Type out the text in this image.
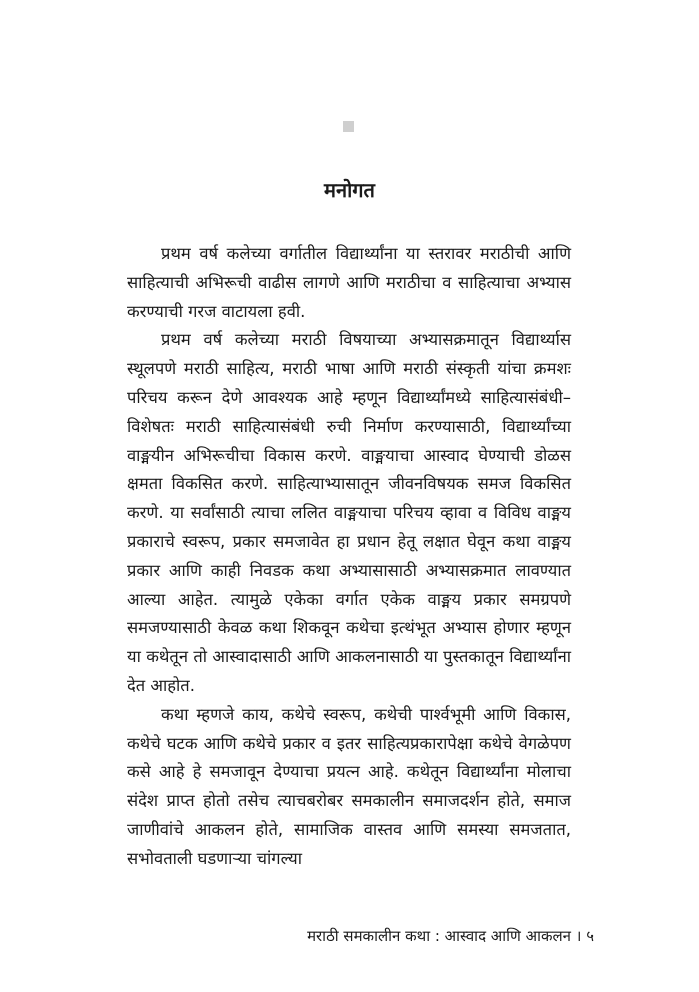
मनोगत

प्रथम वर्ष कलेच्या वर्गातील विद्यार्थ्यांना या स्तरावर मराठीची आणि साहित्याची अभिरूची वाढीस लागणे आणि मराठीचा व साहित्याचा अभ्यास करण्याची गरज वाटायला हवी.

प्रथम वर्ष कलेच्या मराठी विषयाच्या अभ्यासक्रमातून विद्यार्थ्यास स्थूलपणे मराठी साहित्य, मराठी भाषा आणि मराठी संस्कृती यांचा क्रमशः परिचय करून देणे आवश्यक आहे म्हणून विद्यार्थ्यांमध्ये साहित्यासंबंधी–विशेषतः मराठी साहित्यासंबंधी रुची निर्माण करण्यासाठी, विद्यार्थ्यांच्या वाङ्मयीन अभिरूचीचा विकास करणे. वाङ्मयाचा आस्वाद घेण्याची डोळस क्षमता विकसित करणे. साहित्याभ्यासातून जीवनविषयक समज विकसित करणे. या सर्वांसाठी त्याचा ललित वाङ्मयाचा परिचय व्हावा व विविध वाङ्मय प्रकाराचे स्वरूप, प्रकार समजावेत हा प्रधान हेतू लक्षात घेवून कथा वाङ्मय प्रकार आणि काही निवडक कथा अभ्यासासाठी अभ्यासक्रमात लावण्यात आल्या आहेत. त्यामुळे एकेका वर्गात एकेक वाङ्मय प्रकार समग्रपणे समजण्यासाठी केवळ कथा शिकवून कथेचा इत्थंभूत अभ्यास होणार म्हणून या कथेतून तो आस्वादासाठी आणि आकलनासाठी या पुस्तकातून विद्यार्थ्यांना देत आहोत.

कथा म्हणजे काय, कथेचे स्वरूप, कथेची पार्श्वभूमी आणि विकास, कथेचे घटक आणि कथेचे प्रकार व इतर साहित्यप्रकारापेक्षा कथेचे वेगळेपण कसे आहे हे समजावून देण्याचा प्रयत्न आहे. कथेतून विद्यार्थ्यांना मोलाचा संदेश प्राप्त होतो तसेच त्याचबरोबर समकालीन समाजदर्शन होते, समाज जाणीवांचे आकलन होते, सामाजिक वास्तव आणि समस्या समजतात, सभोवताली घडणाऱ्या चांगल्या

मराठी समकालीन कथा : आस्वाद आणि आकलन । ५
